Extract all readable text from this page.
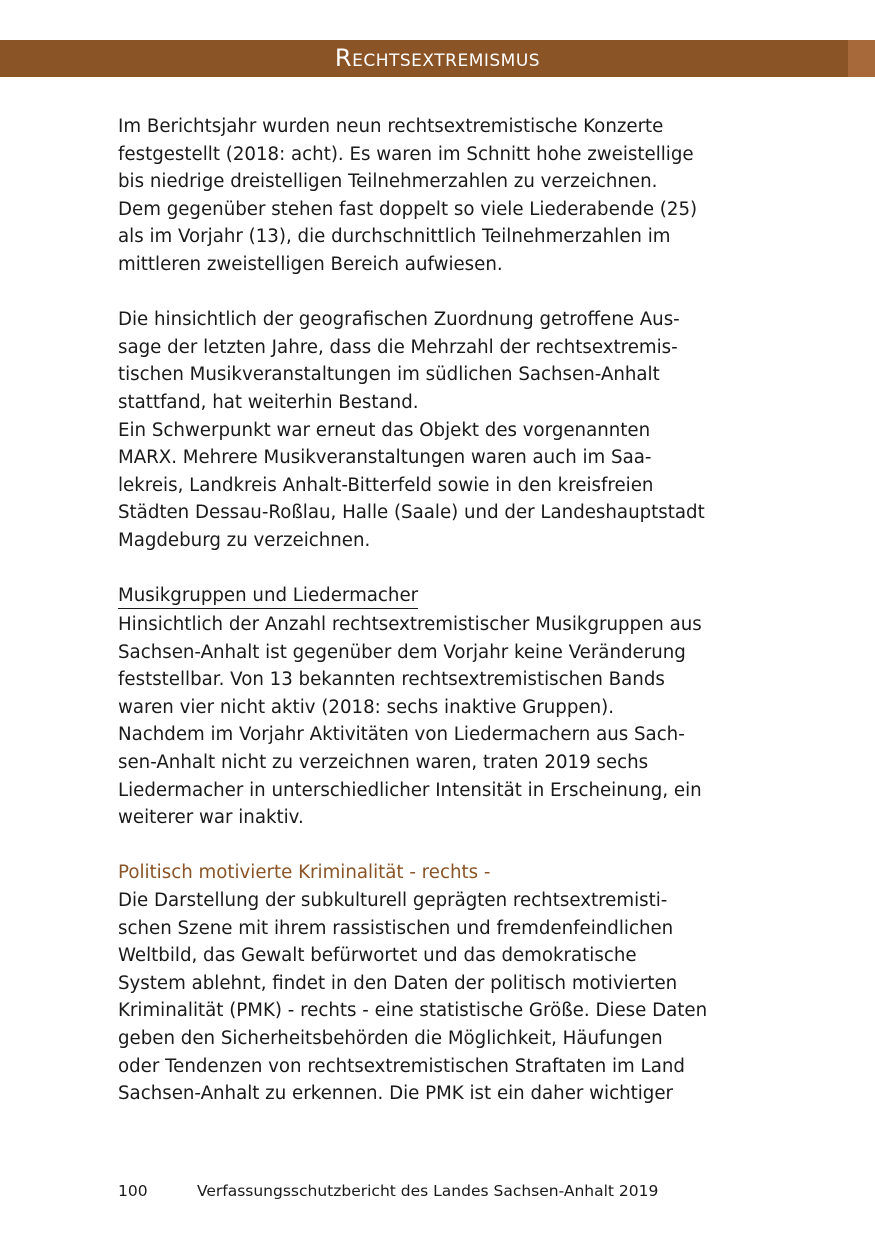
Rechtsextremismus
Im Berichtsjahr wurden neun rechtsextremistische Konzerte
festgestellt (2018: acht). Es waren im Schnitt hohe zweistellige
bis niedrige dreistelligen Teilnehmerzahlen zu verzeichnen.
Dem gegenüber stehen fast doppelt so viele Liederabende (25)
als im Vorjahr (13), die durchschnittlich Teilnehmerzahlen im
mittleren zweistelligen Bereich aufwiesen.
Die hinsichtlich der geografischen Zuordnung getroffene Aus-
sage der letzten Jahre, dass die Mehrzahl der rechtsextremis-
tischen Musikveranstaltungen im südlichen Sachsen-Anhalt
stattfand, hat weiterhin Bestand.
Ein Schwerpunkt war erneut das Objekt des vorgenannten
MARX. Mehrere Musikveranstaltungen waren auch im Saa-
lekreis, Landkreis Anhalt-Bitterfeld sowie in den kreisfreien
Städten Dessau-Roßlau, Halle (Saale) und der Landeshauptstadt
Magdeburg zu verzeichnen.
Musikgruppen und Liedermacher
Hinsichtlich der Anzahl rechtsextremistischer Musikgruppen aus
Sachsen-Anhalt ist gegenüber dem Vorjahr keine Veränderung
feststellbar. Von 13 bekannten rechtsextremistischen Bands
waren vier nicht aktiv (2018: sechs inaktive Gruppen).
Nachdem im Vorjahr Aktivitäten von Liedermachern aus Sach-
sen-Anhalt nicht zu verzeichnen waren, traten 2019 sechs
Liedermacher in unterschiedlicher Intensität in Erscheinung, ein
weiterer war inaktiv.
Politisch motivierte Kriminalität - rechts -
Die Darstellung der subkulturell geprägten rechtsextremisti-
schen Szene mit ihrem rassistischen und fremdenfeindlichen
Weltbild, das Gewalt befürwortet und das demokratische
System ablehnt, findet in den Daten der politisch motivierten
Kriminalität (PMK) - rechts - eine statistische Größe. Diese Daten
geben den Sicherheitsbehörden die Möglichkeit, Häufungen
oder Tendenzen von rechtsextremistischen Straftaten im Land
Sachsen-Anhalt zu erkennen. Die PMK ist ein daher wichtiger
100	Verfassungsschutzbericht des Landes Sachsen-Anhalt 2019
